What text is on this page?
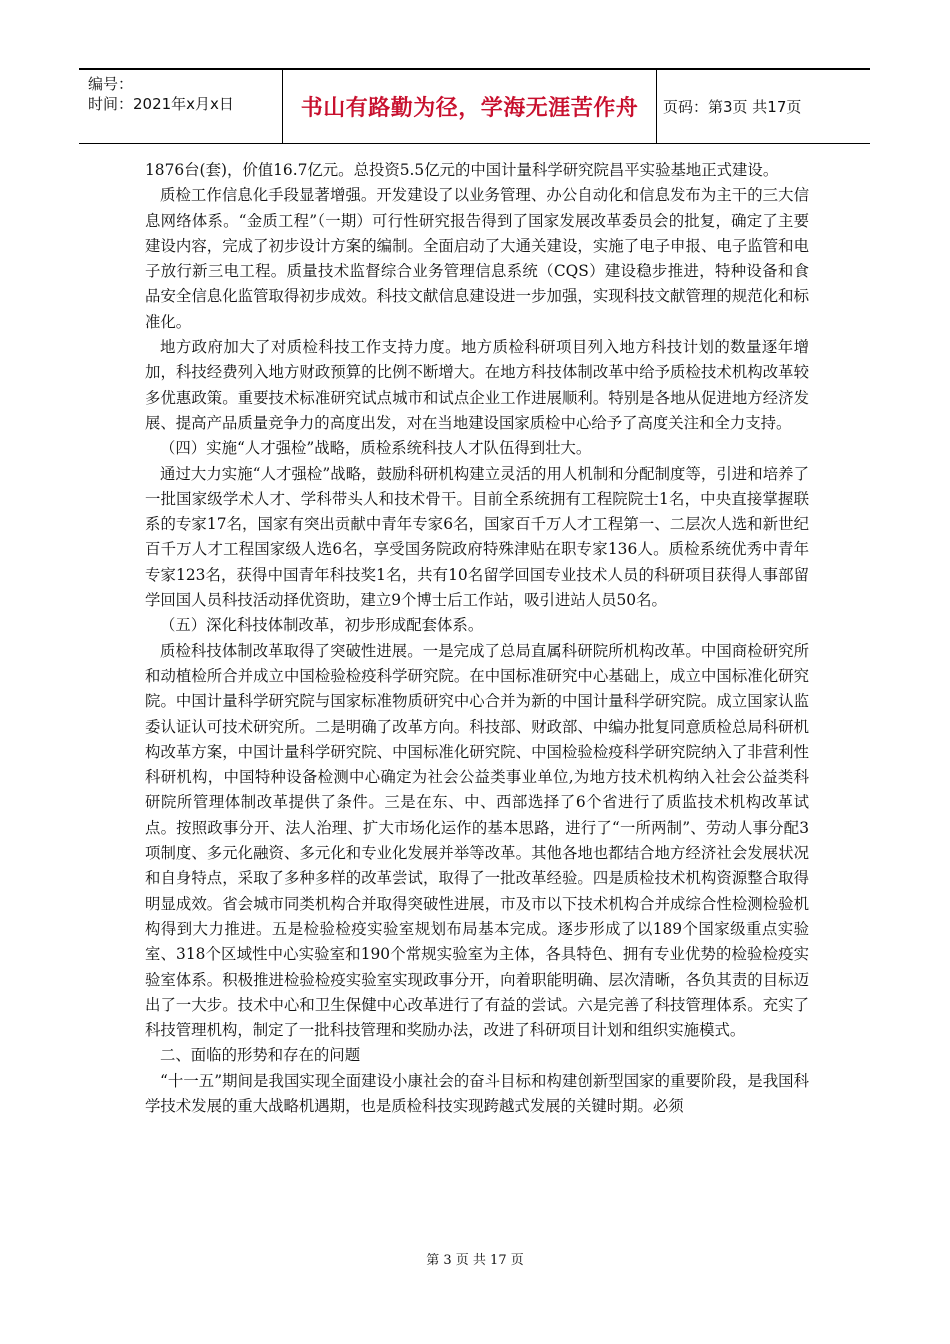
编号：
时间：2021年x月x日	书山有路勤为径，学海无涯苦作舟 页码：第3页 共17页

1876台(套)，价值16.7亿元。总投资5.5亿元的中国计量科学研究院昌平实验基地正式建设。

质检工作信息化手段显著增强。开发建设了以业务管理、办公自动化和信息发布为主干的三大信息网络体系。“金质工程”（一期）可行性研究报告得到了国家发展改革委员会的批复，确定了主要建设内容，完成了初步设计方案的编制。全面启动了大通关建设，实施了电子申报、电子监管和电子放行新三电工程。质量技术监督综合业务管理信息系统（CQS）建设稳步推进，特种设备和食品安全信息化监管取得初步成效。科技文献信息建设进一步加强，实现科技文献管理的规范化和标准化。

地方政府加大了对质检科技工作支持力度。地方质检科研项目列入地方科技计划的数量逐年增加，科技经费列入地方财政预算的比例不断增大。在地方科技体制改革中给予质检技术机构改革较多优惠政策。重要技术标准研究试点城市和试点企业工作进展顺利。特别是各地从促进地方经济发展、提高产品质量竞争力的高度出发，对在当地建设国家质检中心给予了高度关注和全力支持。

（四）实施“人才强检”战略，质检系统科技人才队伍得到壮大。

通过大力实施“人才强检”战略，鼓励科研机构建立灵活的用人机制和分配制度等，引进和培养了一批国家级学术人才、学科带头人和技术骨干。目前全系统拥有工程院院士1名，中央直接掌握联系的专家17名，国家有突出贡献中青年专家6名，国家百千万人才工程第一、二层次人选和新世纪百千万人才工程国家级人选6名，享受国务院政府特殊津贴在职专家136人。质检系统优秀中青年专家123名，获得中国青年科技奖1名，共有10名留学回国专业技术人员的科研项目获得人事部留学回国人员科技活动择优资助，建立9个博士后工作站，吸引进站人员50名。

（五）深化科技体制改革，初步形成配套体系。

质检科技体制改革取得了突破性进展。一是完成了总局直属科研院所机构改革。中国商检研究所和动植检所合并成立中国检验检疫科学研究院。在中国标准研究中心基础上，成立中国标准化研究院。中国计量科学研究院与国家标准物质研究中心合并为新的中国计量科学研究院。成立国家认监委认证认可技术研究所。二是明确了改革方向。科技部、财政部、中编办批复同意质检总局科研机构改革方案，中国计量科学研究院、中国标准化研究院、中国检验检疫科学研究院纳入了非营利性科研机构，中国特种设备检测中心确定为社会公益类事业单位,为地方技术机构纳入社会公益类科研院所管理体制改革提供了条件。三是在东、中、西部选择了6个省进行了质监技术机构改革试点。按照政事分开、法人治理、扩大市场化运作的基本思路，进行了“一所两制”、劳动人事分配3项制度、多元化融资、多元化和专业化发展并举等改革。其他各地也都结合地方经济社会发展状况和自身特点，采取了多种多样的改革尝试，取得了一批改革经验。四是质检技术机构资源整合取得明显成效。省会城市同类机构合并取得突破性进展，市及市以下技术机构合并成综合性检测检验机构得到大力推进。五是检验检疫实验室规划布局基本完成。逐步形成了以189个国家级重点实验室、318个区域性中心实验室和190个常规实验室为主体，各具特色、拥有专业优势的检验检疫实验室体系。积极推进检验检疫实验室实现政事分开，向着职能明确、层次清晰，各负其责的目标迈出了一大步。技术中心和卫生保健中心改革进行了有益的尝试。六是完善了科技管理体系。充实了科技管理机构，制定了一批科技管理和奖励办法，改进了科研项目计划和组织实施模式。

二、面临的形势和存在的问题

“十一五”期间是我国实现全面建设小康社会的奋斗目标和构建创新型国家的重要阶段，是我国科学技术发展的重大战略机遇期，也是质检科技实现跨越式发展的关键时期。必须

第 3 页 共 17 页
